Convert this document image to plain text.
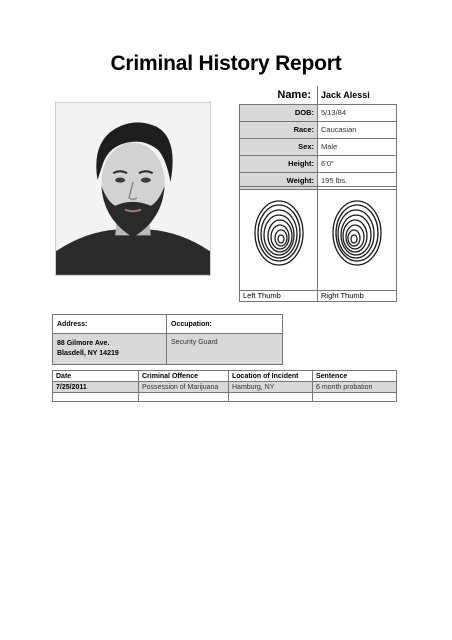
Criminal History Report
Name:	Jack Alessi
DOB:	5/13/84
Race:	Caucasian
Sex:	Male
Height:	6’0”
Weight:	195 lbs.
Left Thumb	Right Thumb
Address:	Occupation:

88 Gilmore Ave.
Blasdell, NY 14219	Security Guard
Date	Criminal Offence	Location of Incident	Sentence
7/25/2011	Possession of Marijuana	Hamburg, NY	6 month probation
